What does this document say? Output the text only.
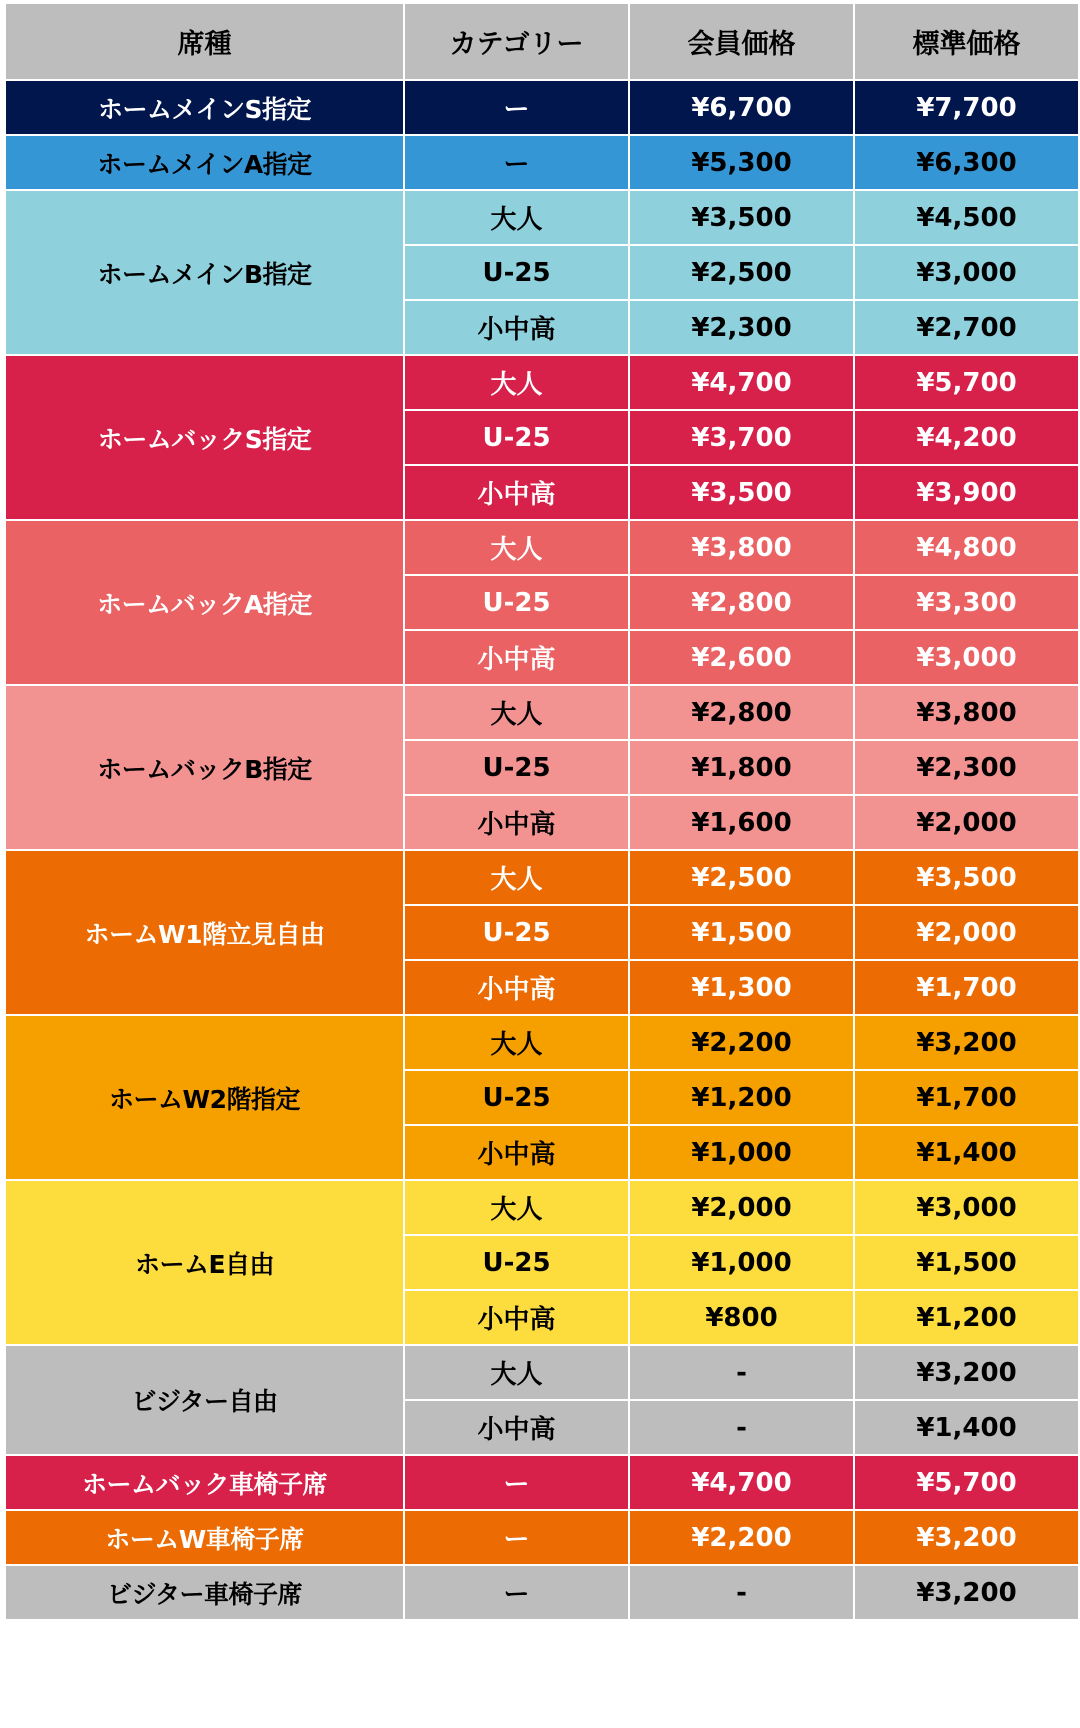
席種	カテゴリー	会員価格	標準価格
ホームメインS指定	ー	¥6,700	¥7,700
ホームメインA指定	ー	¥5,300	¥6,300
ホームメインB指定	大人	¥3,500	¥4,500
	U-25	¥2,500	¥3,000
	小中高	¥2,300	¥2,700
ホームバックS指定	大人	¥4,700	¥5,700
	U-25	¥3,700	¥4,200
	小中高	¥3,500	¥3,900
ホームバックA指定	大人	¥3,800	¥4,800
	U-25	¥2,800	¥3,300
	小中高	¥2,600	¥3,000
ホームバックB指定	大人	¥2,800	¥3,800
	U-25	¥1,800	¥2,300
	小中高	¥1,600	¥2,000
ホームW1階立見自由	大人	¥2,500	¥3,500
	U-25	¥1,500	¥2,000
	小中高	¥1,300	¥1,700
ホームW2階指定	大人	¥2,200	¥3,200
	U-25	¥1,200	¥1,700
	小中高	¥1,000	¥1,400
ホームE自由	大人	¥2,000	¥3,000
	U-25	¥1,000	¥1,500
	小中高	¥800	¥1,200
ビジター自由	大人	-	¥3,200
	小中高	-	¥1,400
ホームバック車椅子席	ー	¥4,700	¥5,700
ホームW車椅子席	ー	¥2,200	¥3,200
ビジター車椅子席	ー	-	¥3,200
